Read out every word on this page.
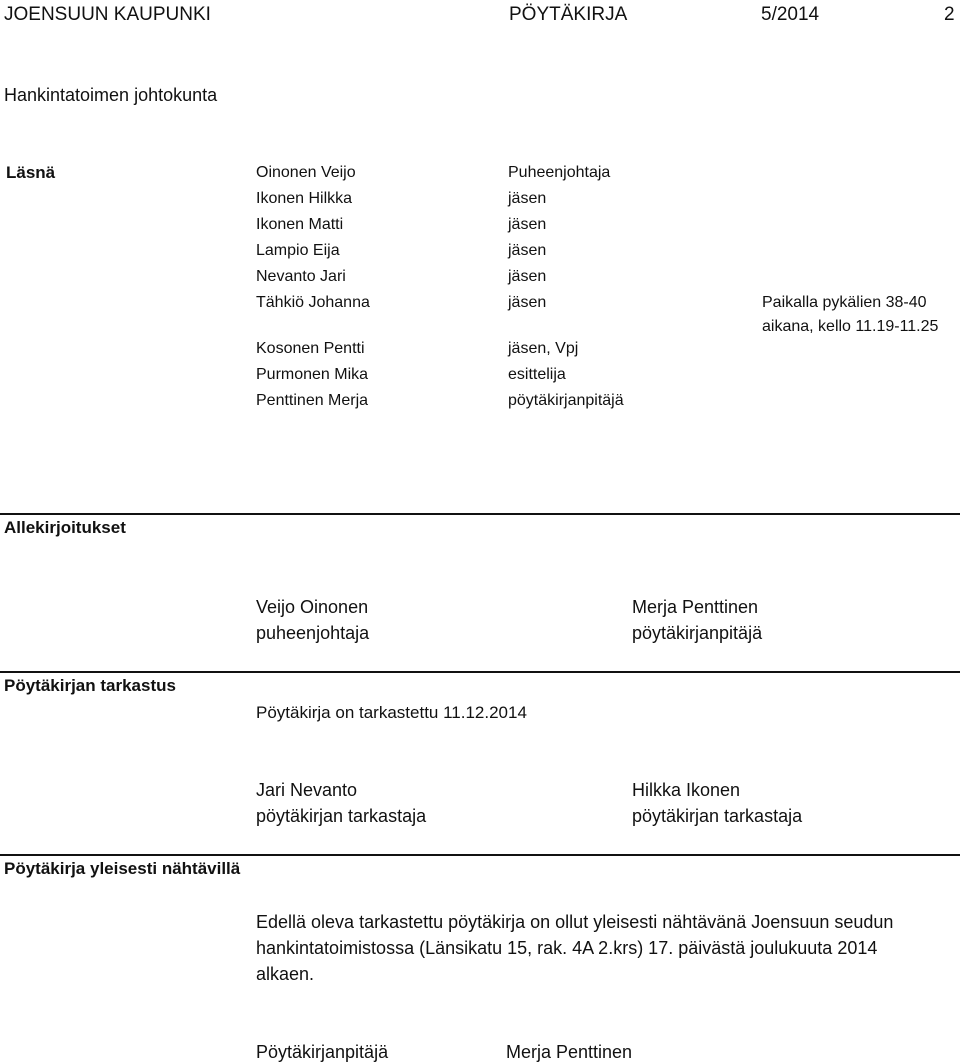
JOENSUUN KAUPUNKI	PÖYTÄKIRJA	5/2014	2
Hankintatoimen johtokunta
Läsnä	Oinonen Veijo	Puheenjohtaja
Ikonen Hilkka	jäsen
Ikonen Matti	jäsen
Lampio Eija	jäsen
Nevanto Jari	jäsen
Tähkiö Johanna	jäsen	Paikalla pykälien 38-40
aikana, kello 11.19-11.25
Kosonen Pentti	jäsen, Vpj
Purmonen Mika	esittelija
Penttinen Merja	pöytäkirjanpitäjä
Allekirjoitukset
Veijo Oinonen
puheenjohtaja
Merja Penttinen
pöytäkirjanpitäjä
Pöytäkirjan tarkastus
Pöytäkirja on tarkastettu 11.12.2014
Jari Nevanto
pöytäkirjan tarkastaja
Hilkka Ikonen
pöytäkirjan tarkastaja
Pöytäkirja yleisesti nähtävillä
Edellä oleva tarkastettu pöytäkirja on ollut yleisesti nähtävänä Joensuun seudun
hankintatoimistossa (Länsikatu 15, rak. 4A 2.krs) 17. päivästä joulukuuta 2014
alkaen.
Pöytäkirjanpitäjä	Merja Penttinen
